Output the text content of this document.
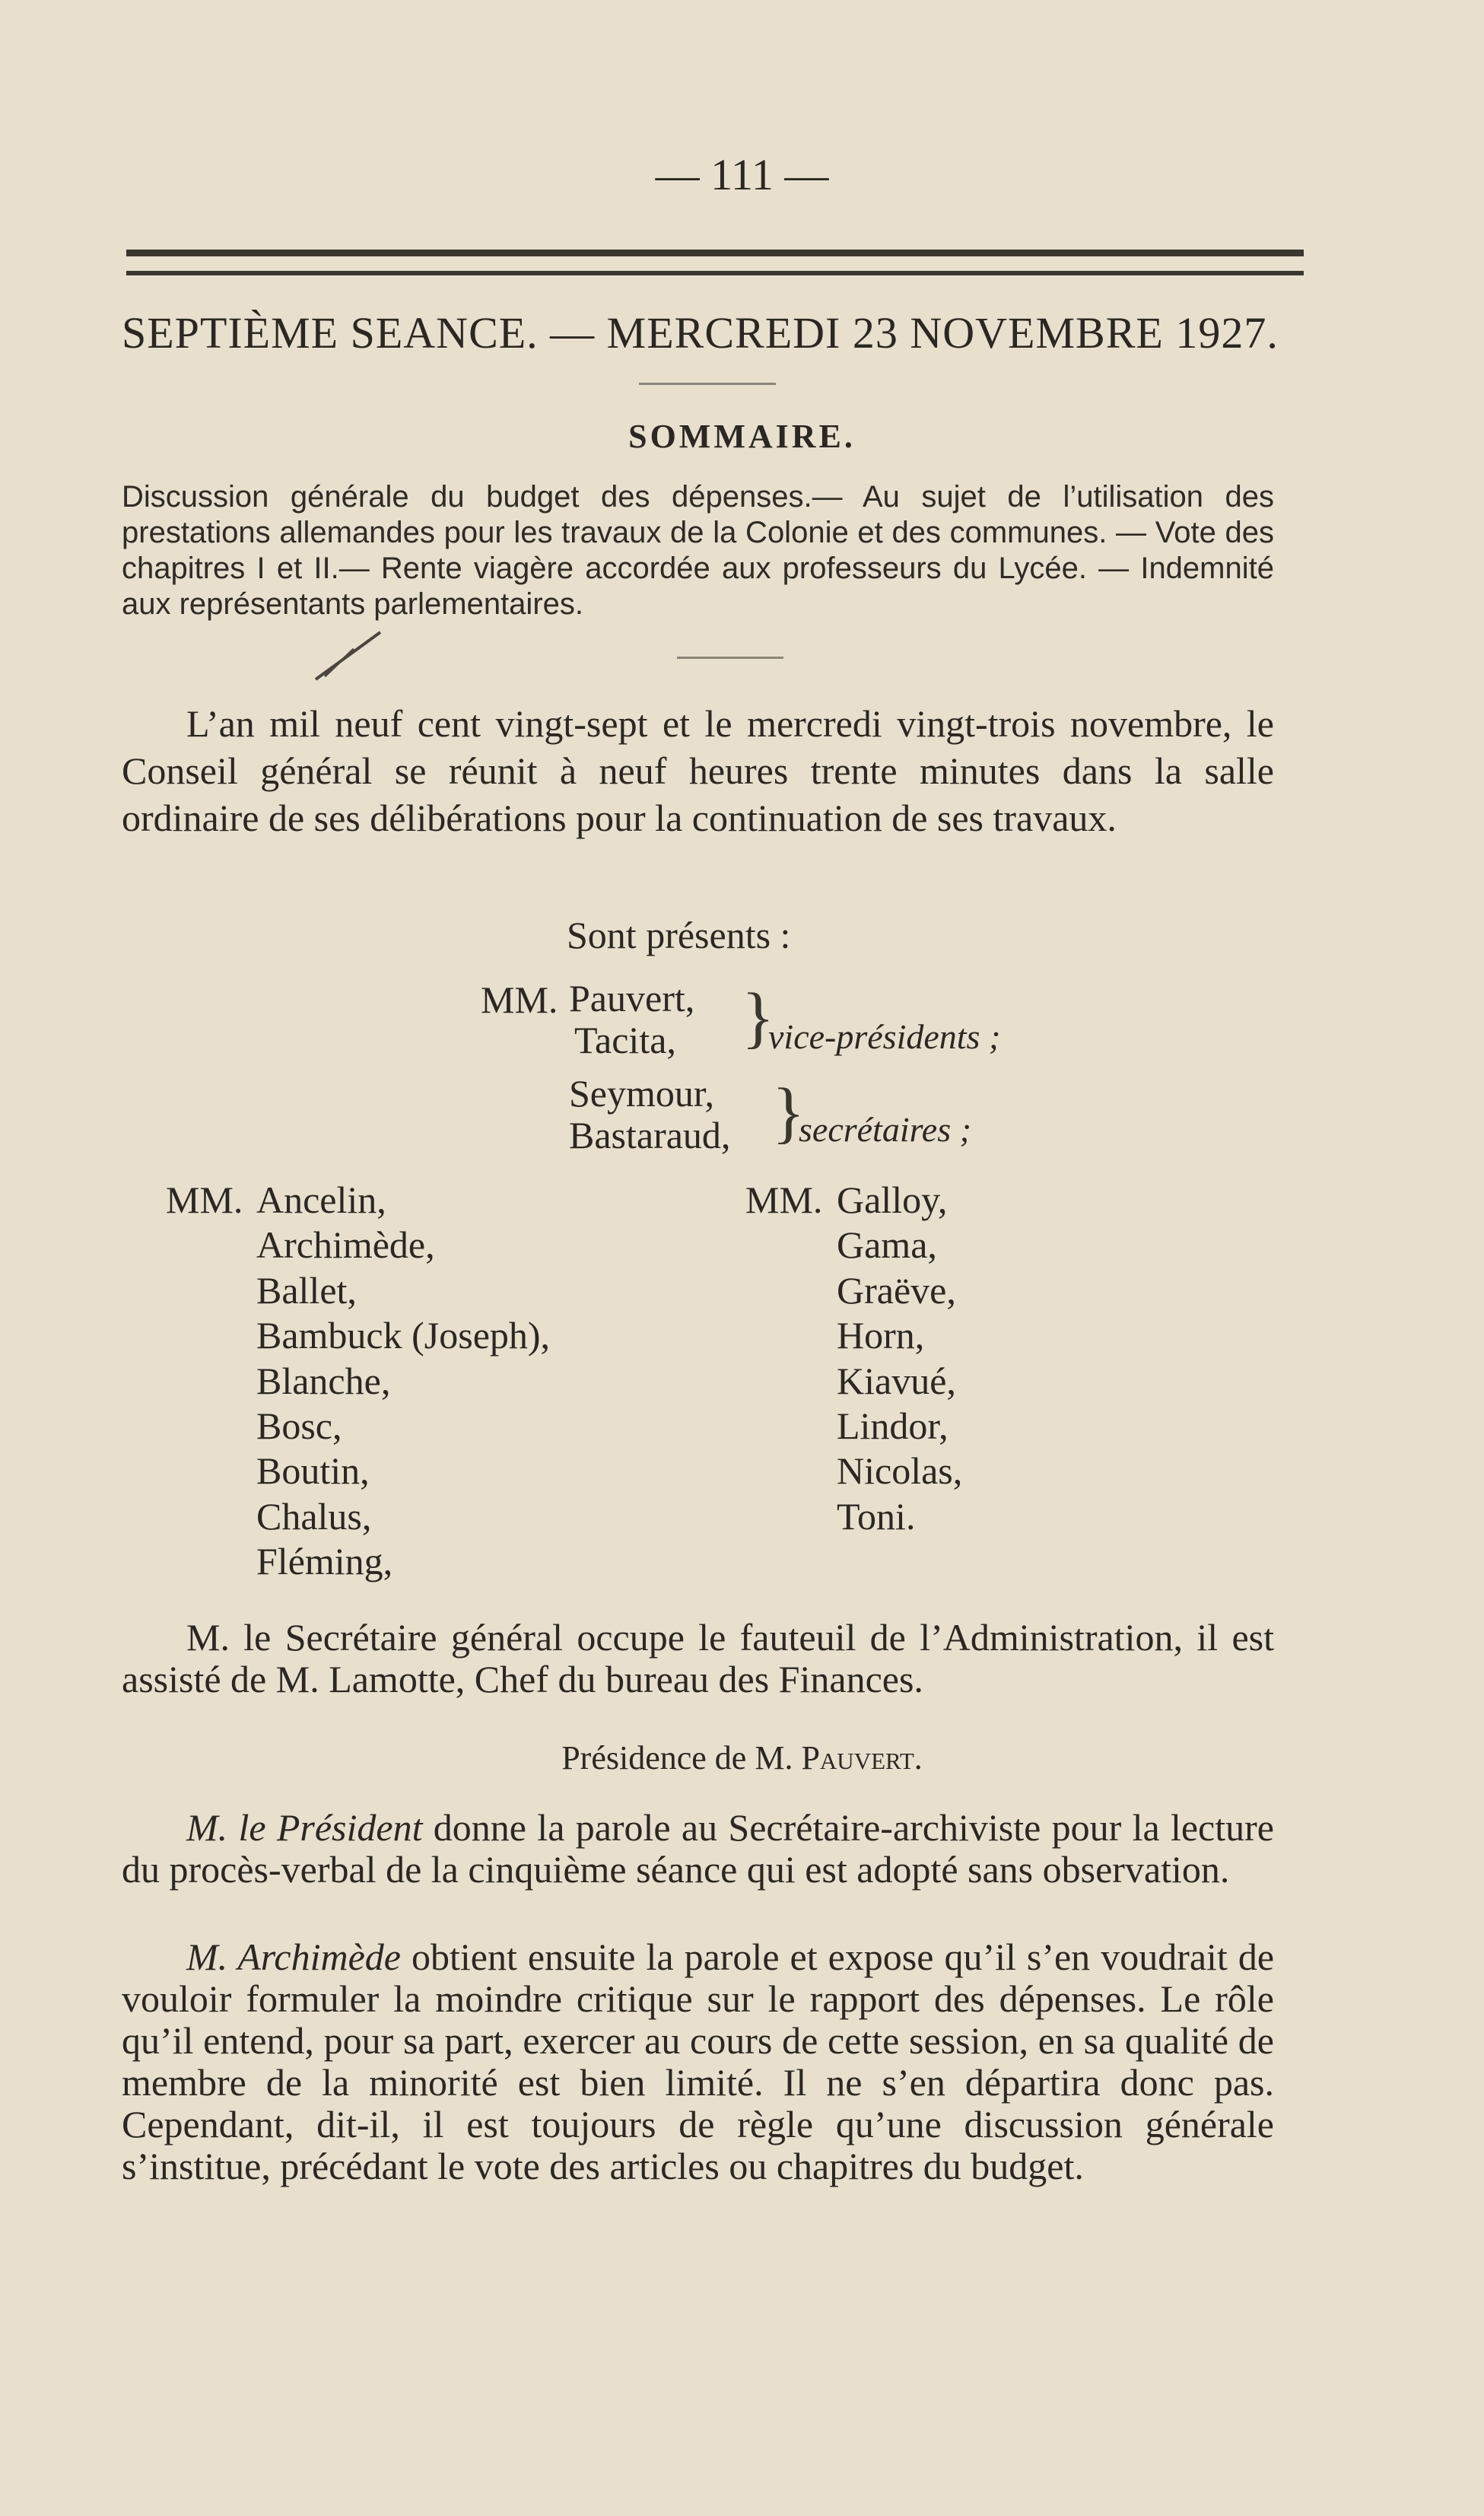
— 111 —

SEPTIÈME SEANCE. — MERCREDI 23 NOVEMBRE 1927.

SOMMAIRE.

Discussion générale du budget des dépenses.— Au sujet de l’utilisation des prestations allemandes pour les travaux de la Colonie et des communes. — Vote des chapitres I et II.— Rente viagère accordée aux professeurs du Lycée. — Indemnité aux représentants parlementaires.

L’an mil neuf cent vingt-sept et le mercredi vingt-trois novembre, le Conseil général se réunit à neuf heures trente minutes dans la salle ordinaire de ses délibérations pour la continuation de ses travaux.

Sont présents :

MM. Pauvert,

Tacita, }

vice-présidents ;

Seymour,

Bastaraud, }

secrétaires ;

MM. Ancelin,
Archimède,
Ballet,
Bambuck (Joseph),
Blanche,
Bosc,
Boutin,
Chalus,
Fléming,

MM. Galloy,
Gama,
Graëve,
Horn,
Kiavué,
Lindor,
Nicolas,
Toni.

M. le Secrétaire général occupe le fauteuil de l’Administration, il est assisté de M. Lamotte, Chef du bureau des Finances.

Présidence de M. Pauvert.

M. le Président donne la parole au Secrétaire-archiviste pour la lecture du procès-verbal de la cinquième séance qui est adopté sans observation.

M. Archimède obtient ensuite la parole et expose qu’il s’en voudrait de vouloir formuler la moindre critique sur le rapport des dépenses. Le rôle qu’il entend, pour sa part, exercer au cours de cette session, en sa qualité de membre de la minorité est bien limité. Il ne s’en départira donc pas. Cependant, dit-il, il est toujours de règle qu’une discussion générale s’institue, précédant le vote des articles ou chapitres du budget.
